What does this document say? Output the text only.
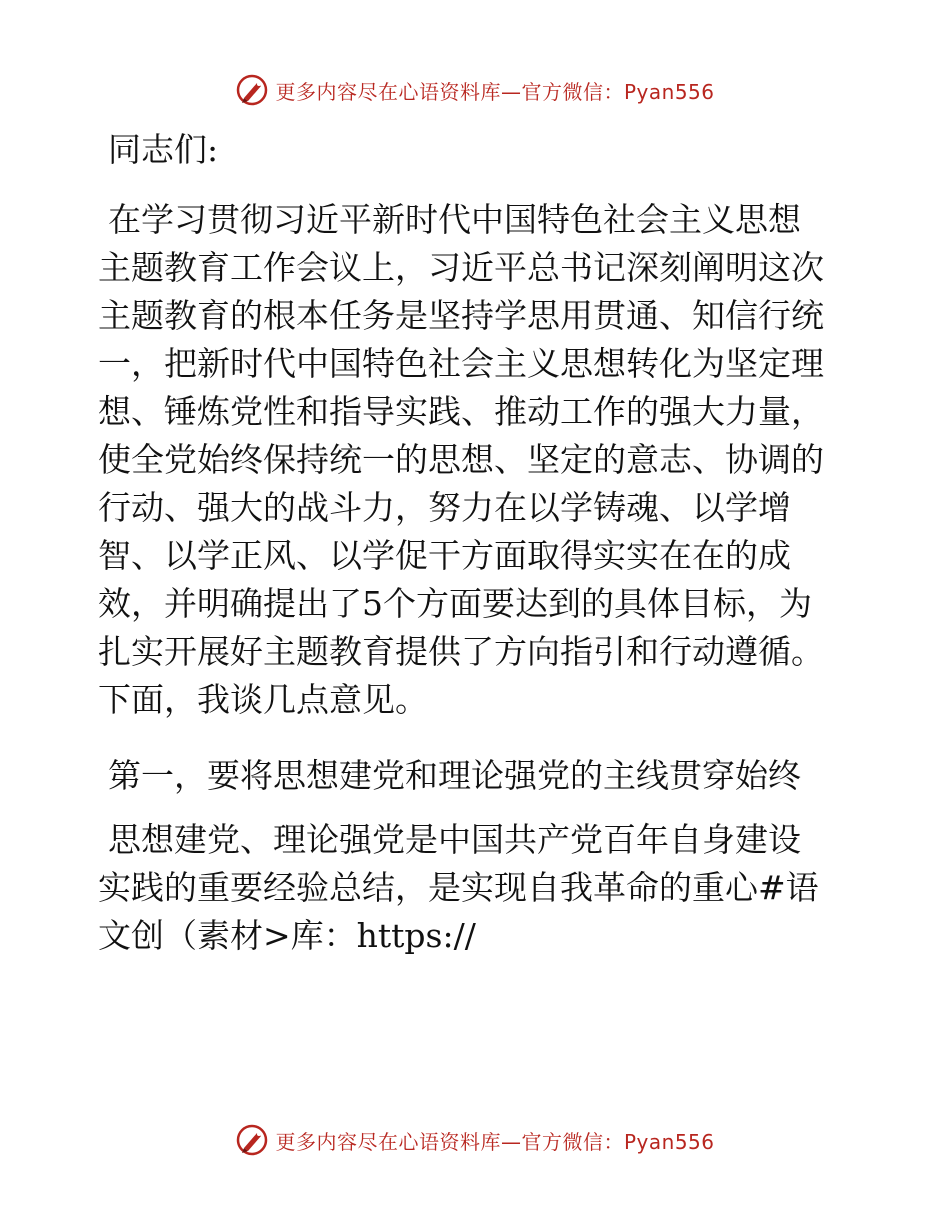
更多内容尽在心语资料库—官方微信：Pyan556
同志们:
在学习贯彻习近平新时代中国特色社会主义思想
主题教育工作会议上，习近平总书记深刻阐明这次
主题教育的根本任务是坚持学思用贯通、知信行统
一，把新时代中国特色社会主义思想转化为坚定理
想、锤炼党性和指导实践、推动工作的强大力量，
使全党始终保持统一的思想、坚定的意志、协调的
行动、强大的战斗力，努力在以学铸魂、以学增
智、以学正风、以学促干方面取得实实在在的成
效，并明确提出了5个方面要达到的具体目标，为
扎实开展好主题教育提供了方向指引和行动遵循。
下面，我谈几点意见。
第一，要将思想建党和理论强党的主线贯穿始终
思想建党、理论强党是中国共产党百年自身建设
实践的重要经验总结，是实现自我革命的重心#语
文创（素材>库：https://
更多内容尽在心语资料库—官方微信：Pyan556
